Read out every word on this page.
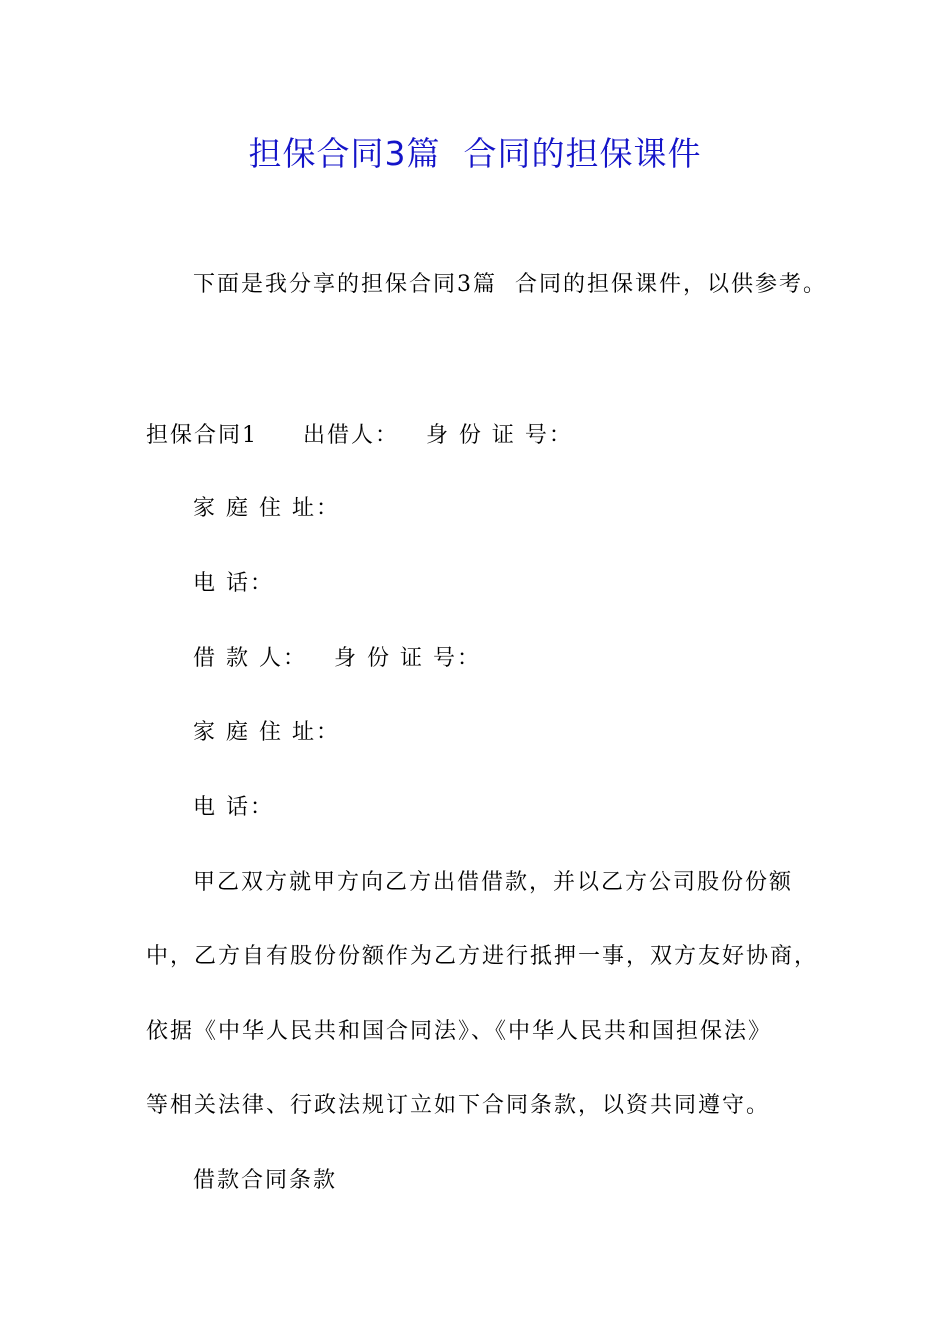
担保合同3篇  合同的担保课件

下面是我分享的担保合同3篇  合同的担保课件，以供参考。

担保合同1     出借人：   身 份 证 号：

家 庭 住 址：

电 话：

借 款 人：   身 份 证 号：

家 庭 住 址：

电 话：

甲乙双方就甲方向乙方出借借款，并以乙方公司股份份额

中，乙方自有股份份额作为乙方进行抵押一事，双方友好协商，

依据《中华人民共和国合同法》、《中华人民共和国担保法》

等相关法律、行政法规订立如下合同条款，以资共同遵守。

借款合同条款
